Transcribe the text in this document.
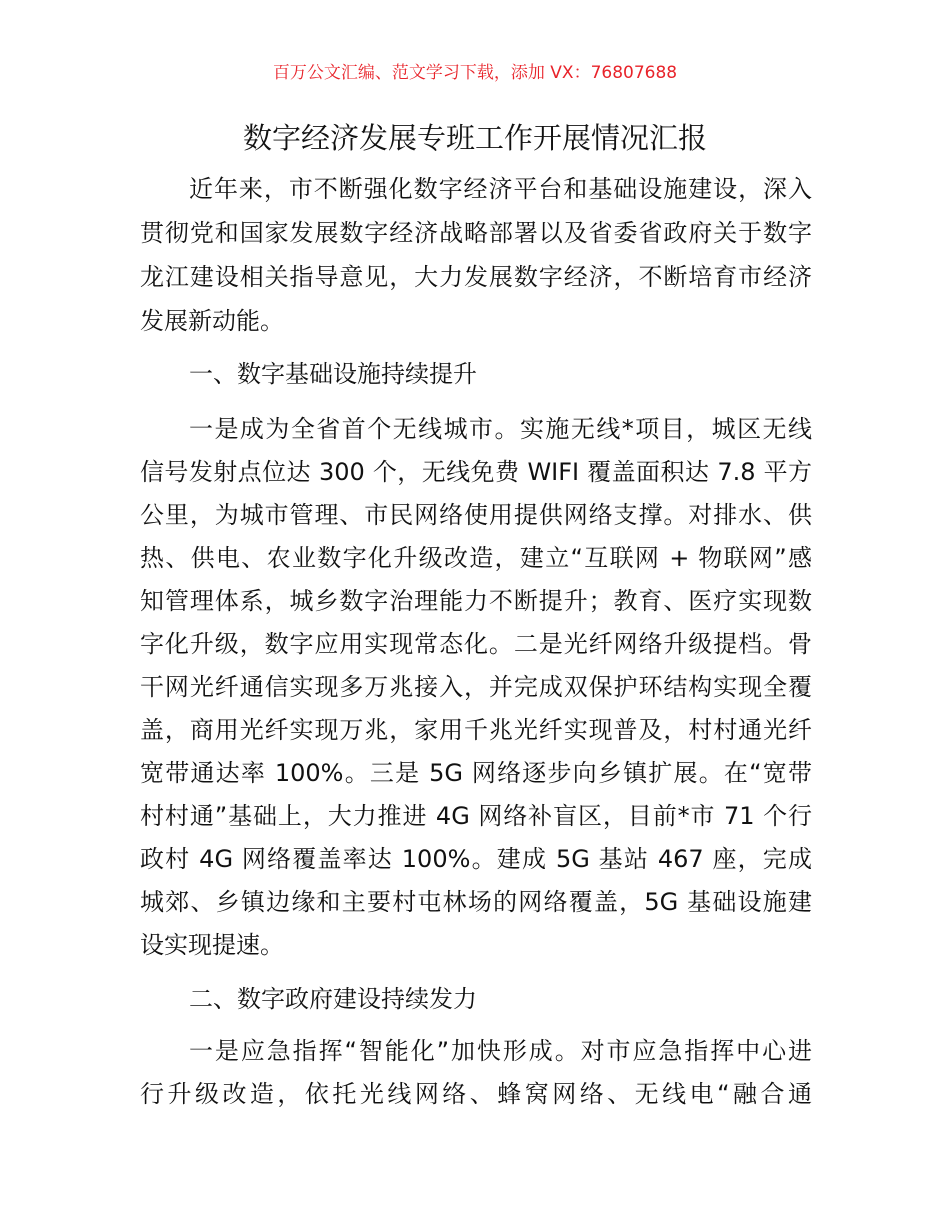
百万公文汇编、范文学习下载，添加 VX：76807688
数字经济发展专班工作开展情况汇报
近年来，市不断强化数字经济平台和基础设施建设，深入
贯彻党和国家发展数字经济战略部署以及省委省政府关于数字
龙江建设相关指导意见，大力发展数字经济，不断培育市经济
发展新动能。
一、数字基础设施持续提升
一是成为全省首个无线城市。实施无线*项目，城区无线
信号发射点位达 300 个，无线免费 WIFI 覆盖面积达 7.8 平方
公里，为城市管理、市民网络使用提供网络支撑。对排水、供
热、供电、农业数字化升级改造，建立“互联网 + 物联网”感
知管理体系，城乡数字治理能力不断提升；教育、医疗实现数
字化升级，数字应用实现常态化。二是光纤网络升级提档。骨
干网光纤通信实现多万兆接入，并完成双保护环结构实现全覆
盖，商用光纤实现万兆，家用千兆光纤实现普及，村村通光纤
宽带通达率 100%。三是 5G 网络逐步向乡镇扩展。在“宽带
村村通”基础上，大力推进 4G 网络补盲区，目前*市 71 个行
政村 4G 网络覆盖率达 100%。建成 5G 基站 467 座，完成
城郊、乡镇边缘和主要村屯林场的网络覆盖，5G 基础设施建
设实现提速。
二、数字政府建设持续发力
一是应急指挥“智能化”加快形成。对市应急指挥中心进
行升级改造，依托光线网络、蜂窝网络、无线电“融合通
